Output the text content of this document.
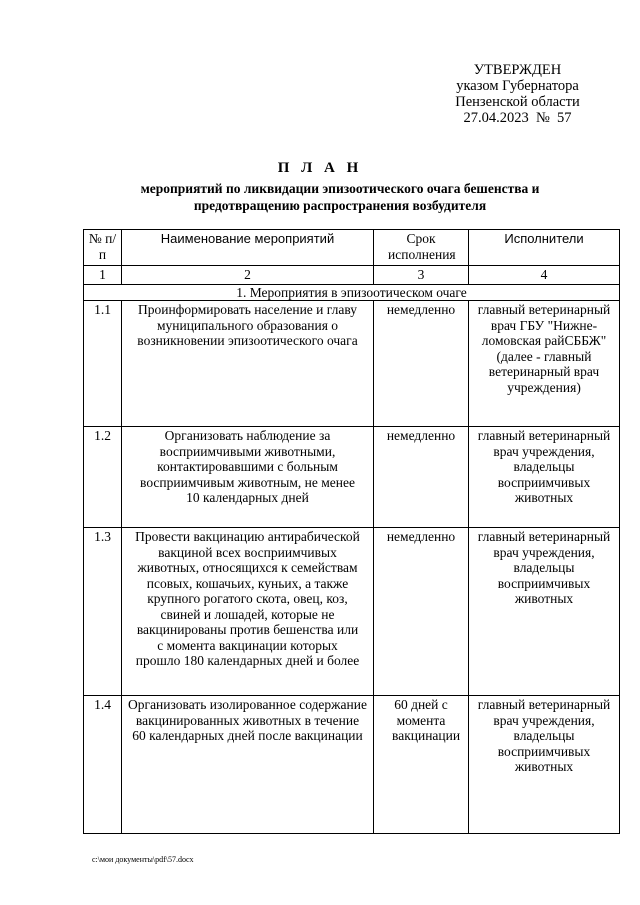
УТВЕРЖДЕН
указом Губернатора
Пензенской области
27.04.2023  №  57
П Л А Н
мероприятий по ликвидации эпизоотического очага бешенства и
предотвращению распространения возбудителя
№ п/п	Наименование мероприятий	Срок исполнения	Исполнители
1	2	3	4
1. Мероприятия в эпизоотическом очаге			
1.1	Проинформировать население и главу муниципального образования о возникновении эпизоотического очага	немедленно	главный ветеринарный врач ГБУ "Нижне-ломовская райСББЖ" (далее - главный ветеринарный врач учреждения)
1.2	Организовать наблюдение за восприимчивыми животными, контактировавшими с больным восприимчивым животным, не менее 10 календарных дней	немедленно	главный ветеринарный врач учреждения, владельцы восприимчивых животных
1.3	Провести вакцинацию антирабической вакциной всех восприимчивых животных, относящихся к семействам псовых, кошачьих, куньих, а также крупного рогатого скота, овец, коз, свиней и лошадей, которые не вакцинированы против бешенства или с момента вакцинации которых прошло 180 календарных дней и более	немедленно	главный ветеринарный врач учреждения, владельцы восприимчивых животных
1.4	Организовать изолированное содержание вакцинированных животных в течение 60 календарных дней после вакцинации	60 дней с момента вакцинации	главный ветеринарный врач учреждения, владельцы восприимчивых животных
c:\мои документы\pdf\57.docx
